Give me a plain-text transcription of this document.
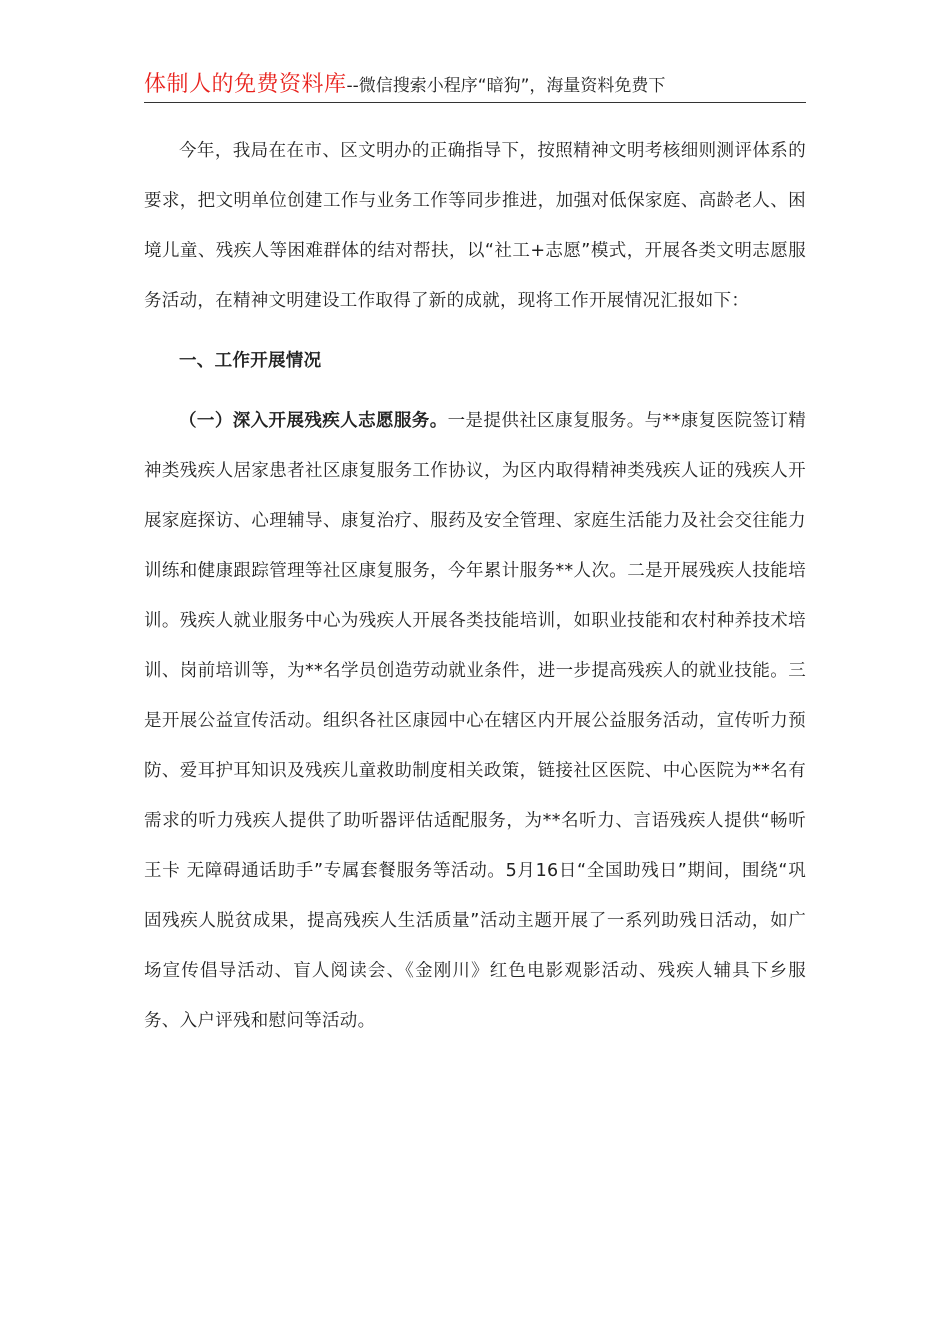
体制人的免费资料库--微信搜索小程序“暗狗”，海量资料免费下

今年，我局在在市、区文明办的正确指导下，按照精神文明考核细则测评体系的要求，把文明单位创建工作与业务工作等同步推进，加强对低保家庭、高龄老人、困境儿童、残疾人等困难群体的结对帮扶，以“社工+志愿”模式，开展各类文明志愿服务活动，在精神文明建设工作取得了新的成就，现将工作开展情况汇报如下：

一、工作开展情况

（一）深入开展残疾人志愿服务。一是提供社区康复服务。与**康复医院签订精神类残疾人居家患者社区康复服务工作协议，为区内取得精神类残疾人证的残疾人开展家庭探访、心理辅导、康复治疗、服药及安全管理、家庭生活能力及社会交往能力训练和健康跟踪管理等社区康复服务，今年累计服务**人次。二是开展残疾人技能培训。残疾人就业服务中心为残疾人开展各类技能培训，如职业技能和农村种养技术培训、岗前培训等，为**名学员创造劳动就业条件，进一步提高残疾人的就业技能。三是开展公益宣传活动。组织各社区康园中心在辖区内开展公益服务活动，宣传听力预防、爱耳护耳知识及残疾儿童救助制度相关政策，链接社区医院、中心医院为**名有需求的听力残疾人提供了助听器评估适配服务，为**名听力、言语残疾人提供“畅听王卡 无障碍通话助手”专属套餐服务等活动。5月16日“全国助残日”期间，围绕“巩固残疾人脱贫成果，提高残疾人生活质量”活动主题开展了一系列助残日活动，如广场宣传倡导活动、盲人阅读会、《金刚川》红色电影观影活动、残疾人辅具下乡服务、入户评残和慰问等活动。
